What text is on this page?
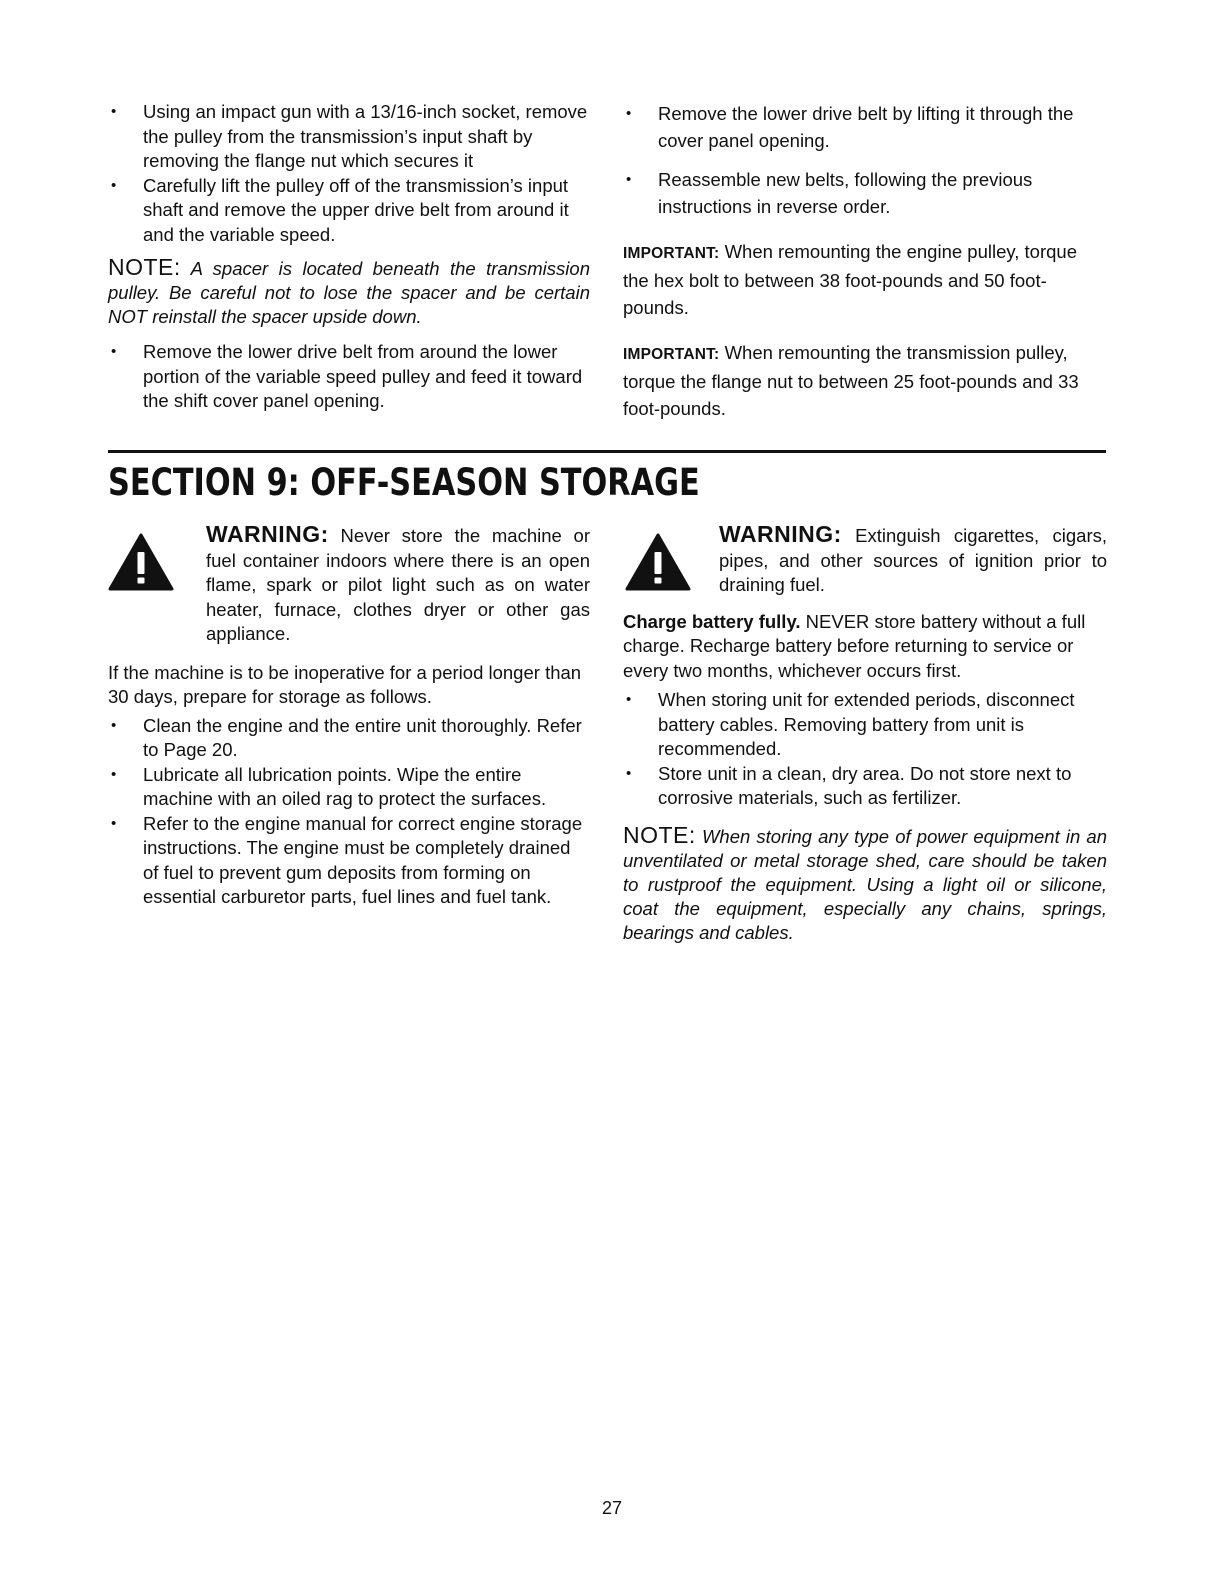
• Using an impact gun with a 13/16-inch socket, remove the pulley from the transmission’s input shaft by removing the flange nut which secures it
• Carefully lift the pulley off of the transmission’s input shaft and remove the upper drive belt from around it and the variable speed.
NOTE: A spacer is located beneath the transmission pulley. Be careful not to lose the spacer and be certain NOT reinstall the spacer upside down.
• Remove the lower drive belt from around the lower portion of the variable speed pulley and feed it toward the shift cover panel opening.
• Remove the lower drive belt by lifting it through the cover panel opening.
• Reassemble new belts, following the previous instructions in reverse order.
IMPORTANT: When remounting the engine pulley, torque the hex bolt to between 38 foot-pounds and 50 foot-pounds.
IMPORTANT: When remounting the transmission pulley, torque the flange nut to between 25 foot-pounds and 33 foot-pounds.
SECTION 9: OFF-SEASON STORAGE
WARNING: Never store the machine or fuel container indoors where there is an open flame, spark or pilot light such as on water heater, furnace, clothes dryer or other gas appliance.

If the machine is to be inoperative for a period longer than 30 days, prepare for storage as follows.

• Clean the engine and the entire unit thoroughly. Refer to Page 20.
• Lubricate all lubrication points. Wipe the entire machine with an oiled rag to protect the surfaces.
• Refer to the engine manual for correct engine storage instructions. The engine must be completely drained of fuel to prevent gum deposits from forming on essential carburetor parts, fuel lines and fuel tank.
WARNING: Extinguish cigarettes, cigars, pipes, and other sources of ignition prior to draining fuel.

Charge battery fully. NEVER store battery without a full charge. Recharge battery before returning to service or every two months, whichever occurs first.

• When storing unit for extended periods, disconnect battery cables. Removing battery from unit is recommended.
• Store unit in a clean, dry area. Do not store next to corrosive materials, such as fertilizer.
NOTE: When storing any type of power equipment in an unventilated or metal storage shed, care should be taken to rustproof the equipment. Using a light oil or silicone, coat the equipment, especially any chains, springs, bearings and cables.
27
